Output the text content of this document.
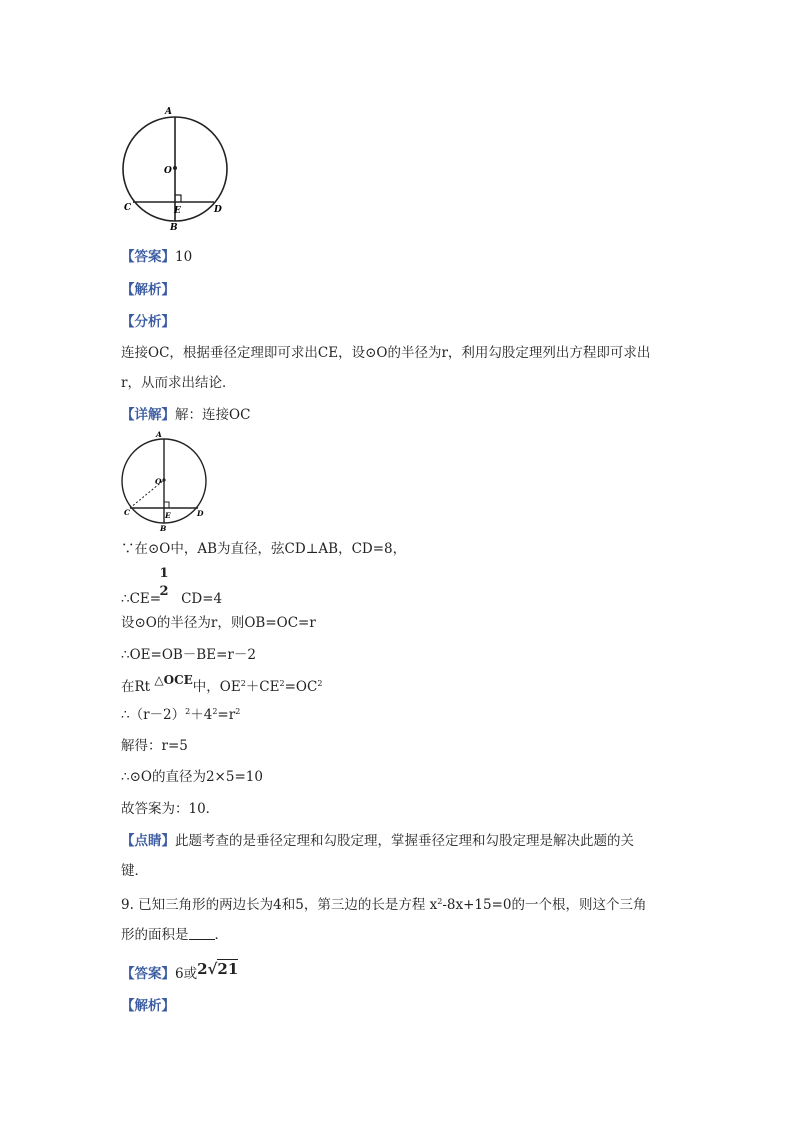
A
O
C	E	D
B
【答案】10
【解析】
【分析】
连接OC，根据垂径定理即可求出CE，设⊙O的半径为r，利用勾股定理列出方程即可求出
r，从而求出结论．
【详解】解：连接OC
A
O
C	E	D
B
∵在⊙O中，AB为直径，弦CD⊥AB，CD=8，
1
2
∴CE= CD=4
设⊙O的半径为r，则OB=OC=r
∴OE=OB－BE=r－2
在Rt △OCE中，$OE^2+CE^2=OC^2$
$\therefore(r-2)^2+4^2=r^2$
解得：r=5
∴⊙O的直径为2×5=10
故答案为：10．
【点睛】此题考查的是垂径定理和勾股定理，掌握垂径定理和勾股定理是解决此题的关
键．
9. 已知三角形的两边长为4和5，第三边的长是方程 $x^2-8x+15=0$的一个根，则这个三角
形的面积是 ．
【答案】6或2√21
【解析】
